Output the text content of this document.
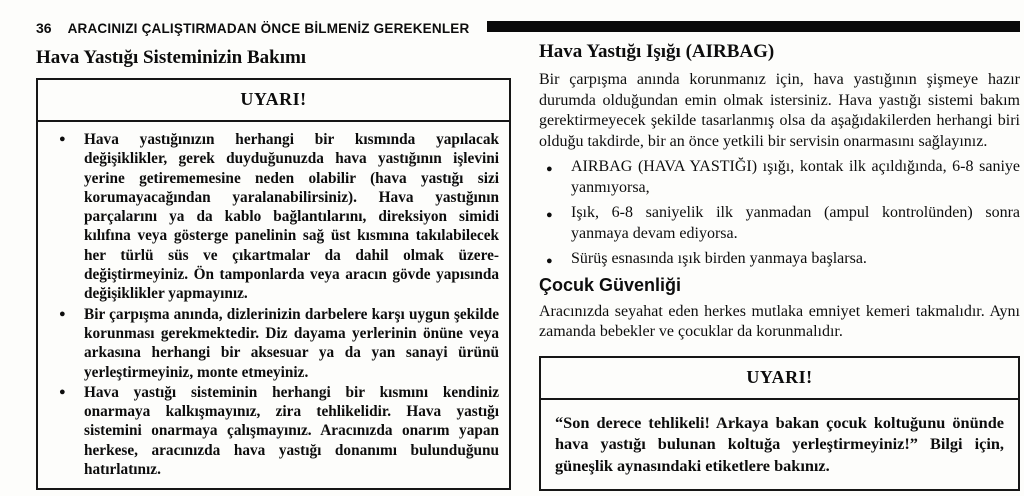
36 ARACINIZI ÇALIŞTIRMADAN ÖNCE BİLMENİZ GEREKENLER
Hava Yastığı Sisteminizin Bakımı
UYARI!
● Hava yastığınızın herhangi bir kısmında yapılacak değişiklikler, gerek duyduğunuzda hava yastığının işlevini yerine getirememesine neden olabilir (hava yastığı sizi korumayacağından yaralanabilirsiniz). Hava yastığının parçalarını ya da kablo bağlantılarını, direksiyon simidi kılıfına veya gösterge panelinin sağ üst kısmına takılabilecek her türlü süs ve çıkartmalar da dahil olmak üzere- değiştirmeyiniz. Ön tamponlarda veya aracın gövde yapısında değişiklikler yapmayınız.
● Bir çarpışma anında, dizlerinizin darbelere karşı uygun şekilde korunması gerekmektedir. Diz dayama yerlerinin önüne veya arkasına herhangi bir aksesuar ya da yan sanayi ürünü yerleştirmeyiniz, monte etmeyiniz.
● Hava yastığı sisteminin herhangi bir kısmını kendiniz onarmaya kalkışmayınız, zira tehlikelidir. Hava yastığı sistemini onarmaya çalışmayınız. Aracınızda onarım yapan herkese, aracınızda hava yastığı donanımı bulunduğunu hatırlatınız.
Hava Yastığı Işığı (AIRBAG)

Bir çarpışma anında korunmanız için, hava yastığının şişmeye hazır durumda olduğundan emin olmak istersiniz. Hava yastığı sistemi bakım gerektirmeyecek şekilde tasarlanmış olsa da aşağıdakilerden herhangi biri olduğu takdirde, bir an önce yetkili bir servisin onarmasını sağlayınız.

● AIRBAG (HAVA YASTIĞI) ışığı, kontak ilk açıldığında, 6-8 saniye yanmıyorsa,
● Işık, 6-8 saniyelik ilk yanmadan (ampul kontrolünden) sonra yanmaya devam ediyorsa.
● Sürüş esnasında ışık birden yanmaya başlarsa.
Çocuk Güvenliği

Aracınızda seyahat eden herkes mutlaka emniyet kemeri takmalıdır. Aynı zamanda bebekler ve çocuklar da korunmalıdır.

UYARI!

“Son derece tehlikeli! Arkaya bakan çocuk koltuğunu önünde hava yastığı bulunan koltuğa yerleştirmeyiniz!” Bilgi için, güneşlik aynasındaki etiketlere bakınız.
